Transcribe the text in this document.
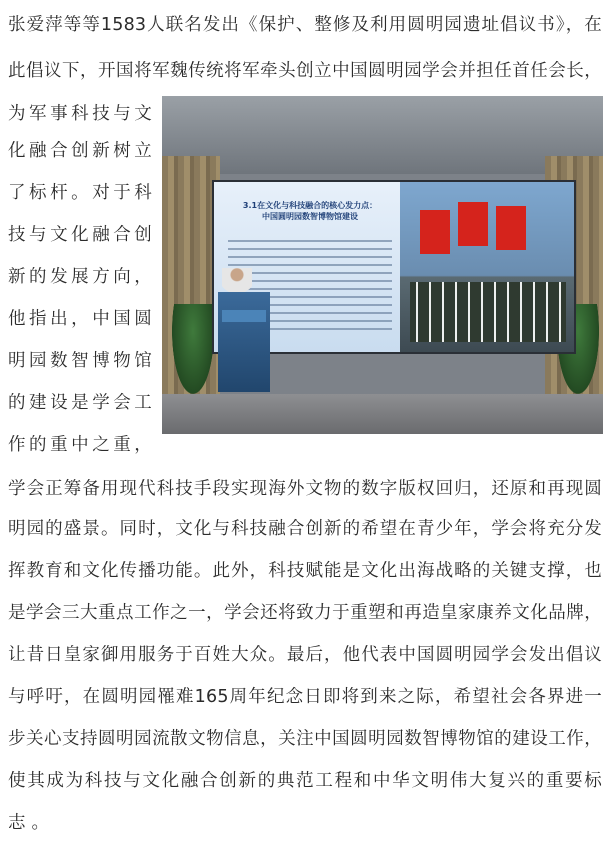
张爱萍等等1583人联名发出《保护、整修及利用圆明园遗址倡议书》，在
此倡议下，开国将军魏传统将军牵头创立中国圆明园学会并担任首任会长，
为军事科技与文
化融合创新树立
了标杆。对于科
技与文化融合创
新的发展方向，
他指出，中国圆
明园数智博物馆
的建设是学会工
作的重中之重，
3.1在文化与科技融合的核心发力点：
中国圆明园数智博物馆建设
学会正筹备用现代科技手段实现海外文物的数字版权回归，还原和再现圆
明园的盛景。同时，文化与科技融合创新的希望在青少年，学会将充分发
挥教育和文化传播功能。此外，科技赋能是文化出海战略的关键支撑，也
是学会三大重点工作之一，学会还将致力于重塑和再造皇家康养文化品牌，
让昔日皇家御用服务于百姓大众。最后，他代表中国圆明园学会发出倡议
与呼吁，在圆明园罹难165周年纪念日即将到来之际，希望社会各界进一
步关心支持圆明园流散文物信息，关注中国圆明园数智博物馆的建设工作，
使其成为科技与文化融合创新的典范工程和中华文明伟大复兴的重要标
志 。
